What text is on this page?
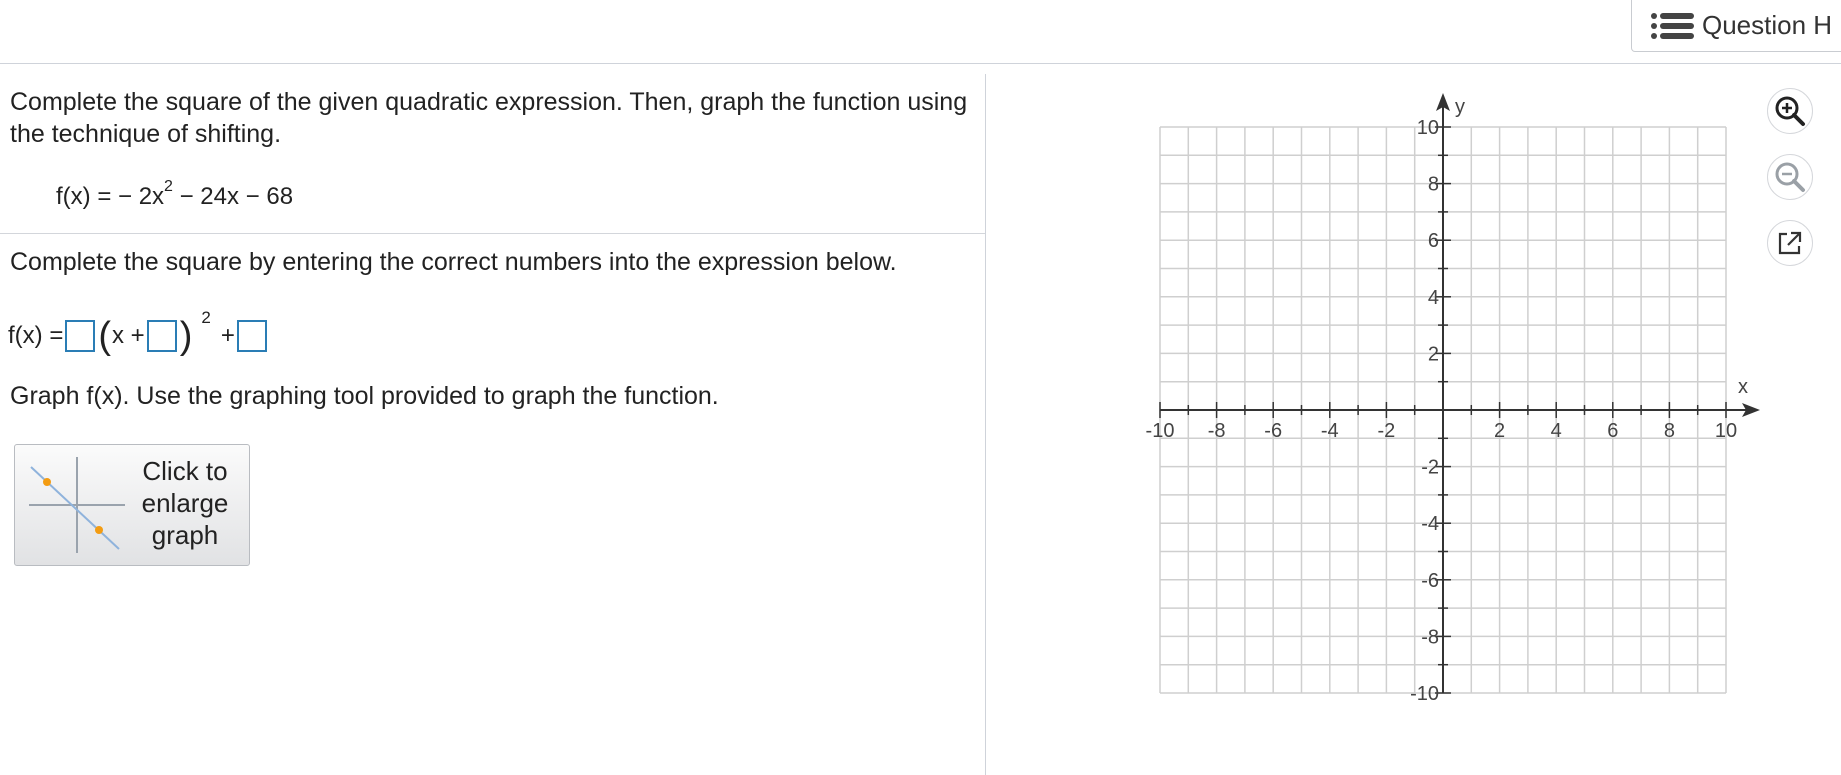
Question H
Complete the square of the given quadratic expression. Then, graph the function using the technique of shifting.
f(x) = − $2x^2 - 24x - 68$
Complete the square by entering the correct numbers into the expression below.
f(x) = ( x + ) 2
+
Graph f(x). Use the graphing tool provided to graph the function.
Click to
enlarge
graph
-10 -8 -6 -4 -2	2 4 6 8 10
10
8
6
4
2
-2
-4
-6
-8
-10
x
y
